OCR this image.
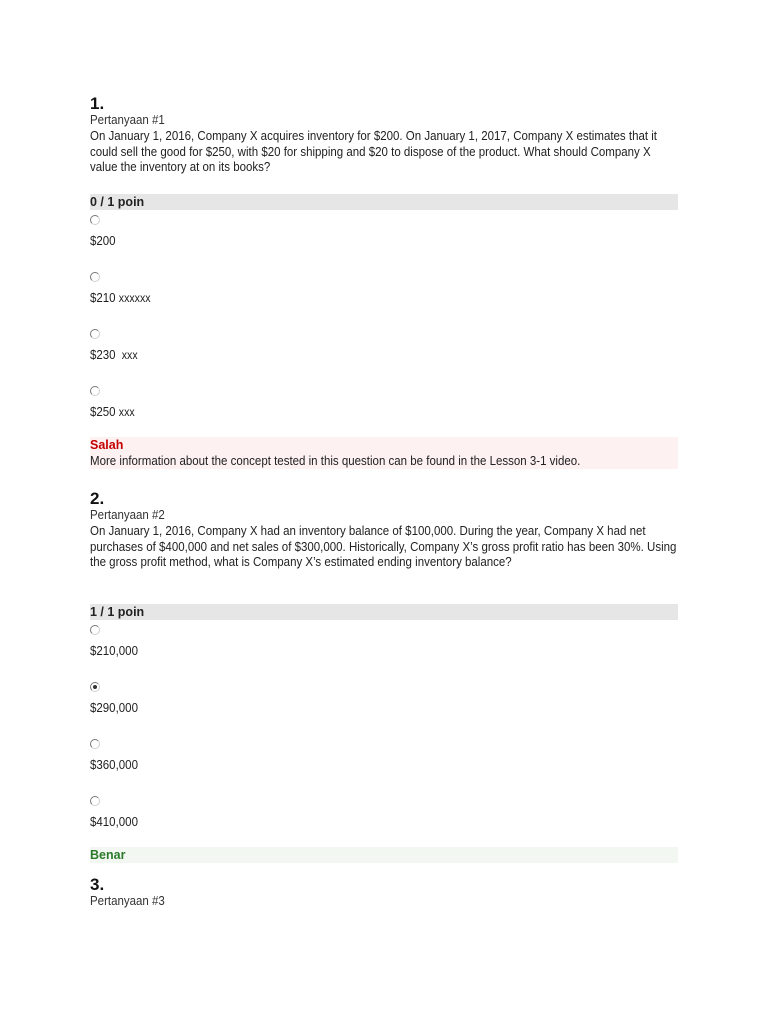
1.
Pertanyaan #1
On January 1, 2016, Company X acquires inventory for $200. On January 1, 2017, Company X estimates that it could sell the good for $250, with $20 for shipping and $20 to dispose of the product. What should Company X value the inventory at on its books?
0 / 1 poin
$200
$210 xxxxxx
$230  xxx
$250 xxx
Salah
More information about the concept tested in this question can be found in the Lesson 3-1 video.
2.
Pertanyaan #2
On January 1, 2016, Company X had an inventory balance of $100,000. During the year, Company X had net purchases of $400,000 and net sales of $300,000. Historically, Company X’s gross profit ratio has been 30%. Using the gross profit method, what is Company X’s estimated ending inventory balance?
1 / 1 poin
$210,000
$290,000
$360,000
$410,000
Benar
3.
Pertanyaan #3
